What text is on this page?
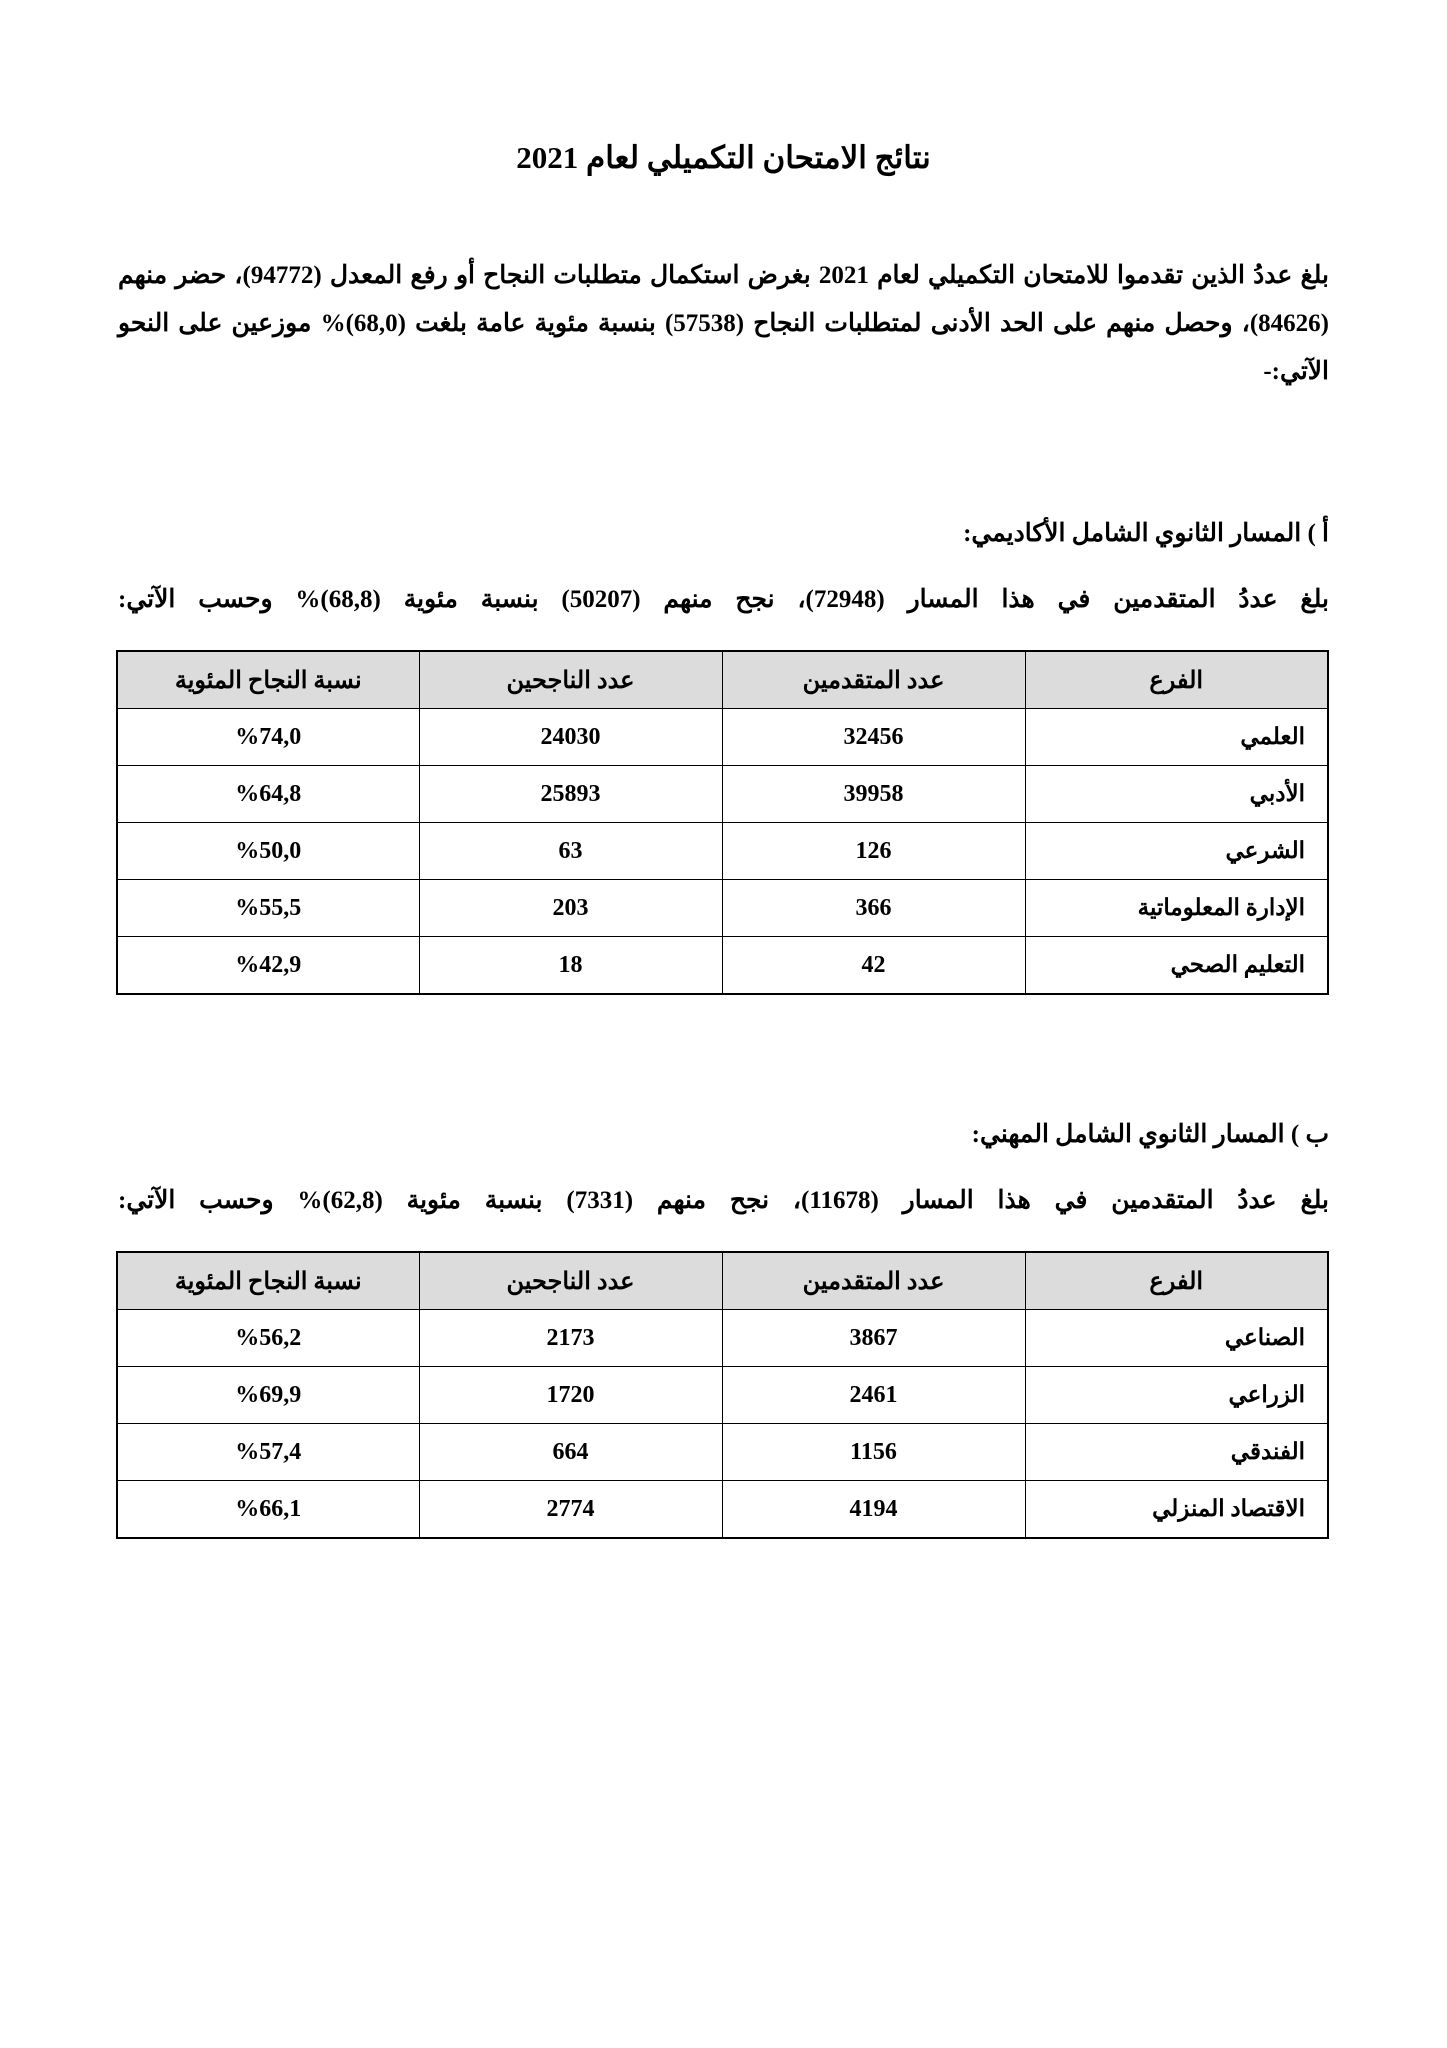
نتائج الامتحان التكميلي لعام 2021

بلغ عددُ الذين تقدموا للامتحان التكميلي لعام 2021 بغرض استكمال متطلبات النجاح أو رفع المعدل (94772)، حضر منهم (84626)، وحصل منهم على الحد الأدنى لمتطلبات النجاح (57538) بنسبة مئوية عامة بلغت (68,0)% موزعين على النحو الآتي:-

أ ) المسار الثانوي الشامل الأكاديمي:

بلغ عددُ المتقدمين في هذا المسار (72948)، نجح منهم (50207) بنسبة مئوية (68,8)% وحسب الآتي:

الفرع	عدد المتقدمين	عدد الناجحين	نسبة النجاح المئوية
العلمي	32456	24030	%74,0
الأدبي	39958	25893	%64,8
الشرعي	126	63	%50,0
الإدارة المعلوماتية	366	203	%55,5
التعليم الصحي	42	18	%42,9
ب ) المسار الثانوي الشامل المهني:

بلغ عددُ المتقدمين في هذا المسار (11678)، نجح منهم (7331) بنسبة مئوية (62,8)% وحسب الآتي:

الفرع	عدد المتقدمين	عدد الناجحين	نسبة النجاح المئوية
الصناعي	3867	2173	%56,2
الزراعي	2461	1720	%69,9
الفندقي	1156	664	%57,4
الاقتصاد المنزلي	4194	2774	%66,1
